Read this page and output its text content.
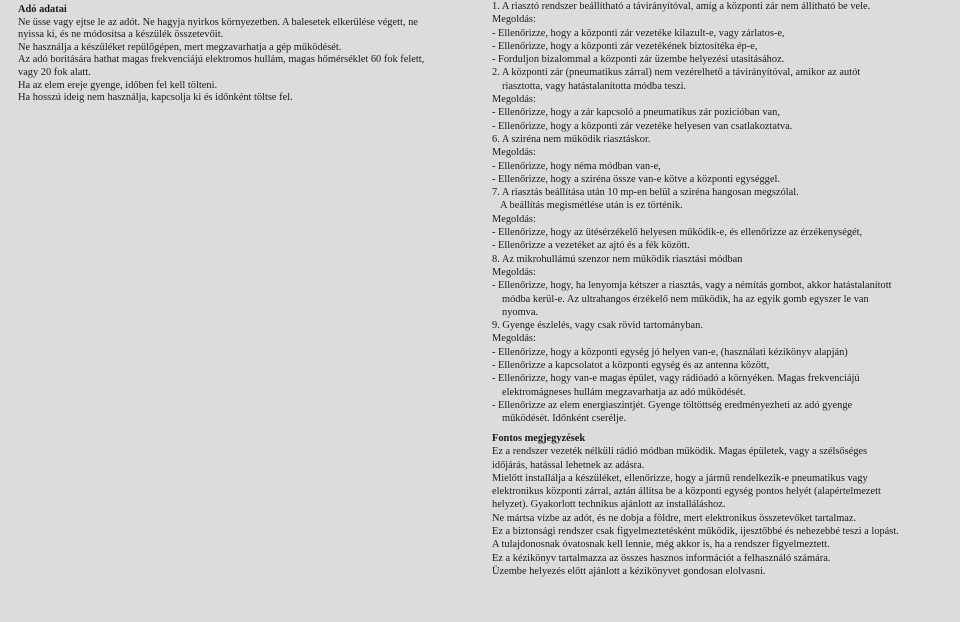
Adó adatai
Ne üsse vagy ejtse le az adót. Ne hagyja nyirkos környezetben. A balesetek elkerülése végett, ne
nyissa ki, és ne módosítsa a készülék összetevőit.
Ne használja a készüléket repülőgépen, mert megzavarhatja a gép működését.
Az adó borítására hathat magas frekvenciájú elektromos hullám, magas hőmérséklet 60 fok felett,
vagy 20 fok alatt.
Ha az elem ereje gyenge, időben fel kell tölteni.
Ha hosszú ideig nem használja, kapcsolja ki és időnként töltse fel.
1. A riasztó rendszer beállítható a távirányítóval, amíg a központi zár nem állítható be vele.
Megoldás:
- Ellenőrizze, hogy a központi zár vezetéke kilazult-e, vagy zárlatos-e,
- Ellenőrizze, hogy a központi zár vezetékének biztosítéka ép-e,
- Forduljon bizalommal a központi zár üzembe helyezési utasításához.
2. A központi zár (pneumatikus zárral) nem vezérelhető a távirányítóval, amikor az autót
riasztotta, vagy hatástalanította módba teszi.
Megoldás:
- Ellenőrizze, hogy a zár kapcsoló a pneumatikus zár pozicióban van,
- Ellenőrizze, hogy a központi zár vezetéke helyesen van csatlakoztatva.
6. A sziréna nem működik riasztáskor.
Megoldás:
- Ellenőrizze, hogy néma módban van-e,
- Ellenőrizze, hogy a sziréna össze van-e kötve a központi egységgel.
7. A riasztás beállítása után 10 mp-en belül a sziréna hangosan megszólal.
A beállítás megismétlése után is ez történik.
Megoldás:
- Ellenőrizze, hogy az ütésérzékelő helyesen működik-e, és ellenőrizze az érzékenységét,
- Ellenőrizze a vezetéket az ajtó és a fék között.
8. Az mikrohullámú szenzor nem működik riasztási módban
Megoldás:
- Ellenőrizze, hogy, ha lenyomja kétszer a riasztás, vagy a némítás gombot, akkor hatástalanított
módba kerül-e. Az ultrahangos érzékelő nem működik, ha az egyik gomb egyszer le van
nyomva.
9. Gyenge észlelés, vagy csak rövid tartományban.
Megoldás:
- Ellenőrizze, hogy a központi egység jó helyen van-e, (használati kézikönyv alapján)
- Ellenőrizze a kapcsolatot a központi egység és az antenna között,
- Ellenőrizze, hogy van-e magas épület, vagy rádióadó a környéken. Magas frekvenciájú
elektromágneses hullám megzavarhatja az adó működését.
- Ellenőrizze az elem energiaszintjét. Gyenge töltöttség eredményezheti az adó gyenge
működését. Időnként cserélje.
Fontos megjegyzések
Ez a rendszer vezeték nélküli rádió módban működik. Magas épületek, vagy a szélsőséges
időjárás, hatással lehetnek az adásra.
Mielőtt installálja a készüléket, ellenőrizze, hogy a jármű rendelkezik-e pneumatikus vagy
elektronikus központi zárral, aztán állítsa be a központi egység pontos helyét (alapértelmezett
helyzet). Gyakorlott technikus ajánlott az installáláshoz.
Ne mártsa vízbe az adót, és ne dobja a földre, mert elektronikus összetevőket tartalmaz.
Ez a biztonsági rendszer csak figyelmeztetésként működik, ijesztőbbé és nehezebbé teszi a lopást.
A tulajdonosnak óvatosnak kell lennie, még akkor is, ha a rendszer figyelmeztett.
Ez a kézikönyv tartalmazza az összes hasznos információt a felhasználó számára.
Üzembe helyezés előtt ajánlott a kézikönyvet gondosan elolvasni.
